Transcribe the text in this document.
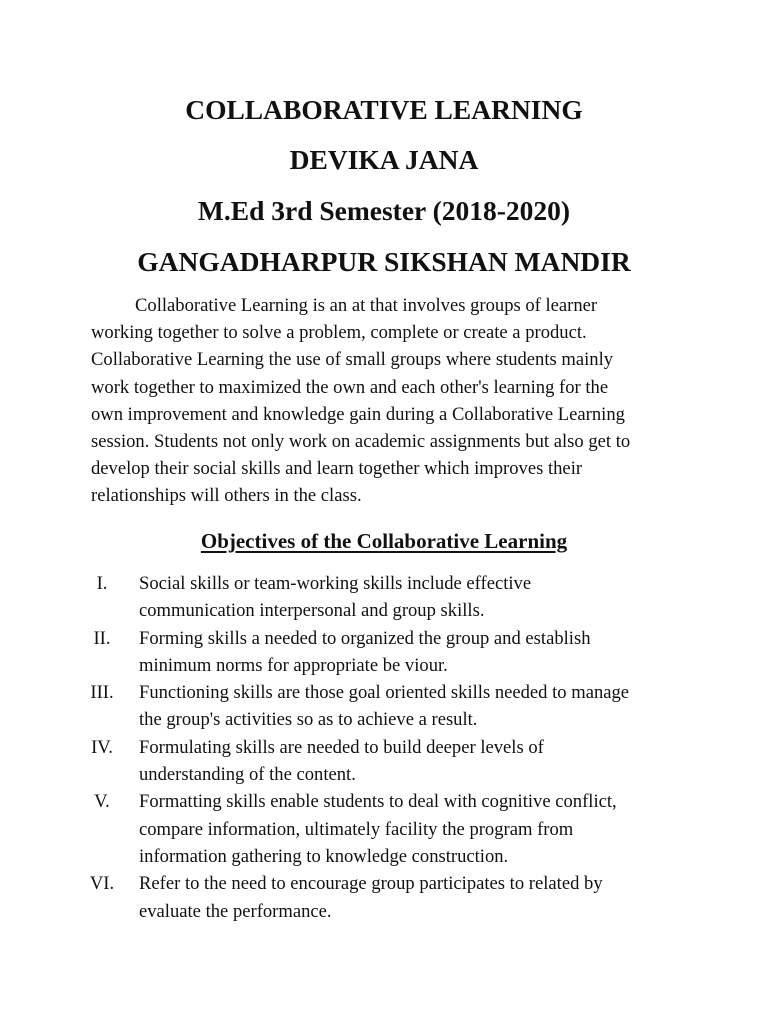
COLLABORATIVE LEARNING
DEVIKA JANA
M.Ed 3rd Semester (2018-2020)
GANGADHARPUR SIKSHAN MANDIR

Collaborative Learning is an at that involves groups of learner
working together to solve a problem, complete or create a product.
Collaborative Learning the use of small groups where students mainly
work together to maximized the own and each other's learning for the
own improvement and knowledge gain during a Collaborative Learning
session. Students not only work on academic assignments but also get to
develop their social skills and learn together which improves their
relationships will others in the class.

Objectives of the Collaborative Learning
I.	Social skills or team-working skills include effective
communication interpersonal and group skills.
II.	Forming skills a needed to organized the group and establish
minimum norms for appropriate be viour.
III. Functioning skills are those goal oriented skills needed to manage
the group's activities so as to achieve a result.
IV. Formulating skills are needed to build deeper levels of
understanding of the content.
V.	Formatting skills enable students to deal with cognitive conflict,
compare information, ultimately facility the program from
information gathering to knowledge construction.
VI. Refer to the need to encourage group participates to related by
evaluate the performance.
